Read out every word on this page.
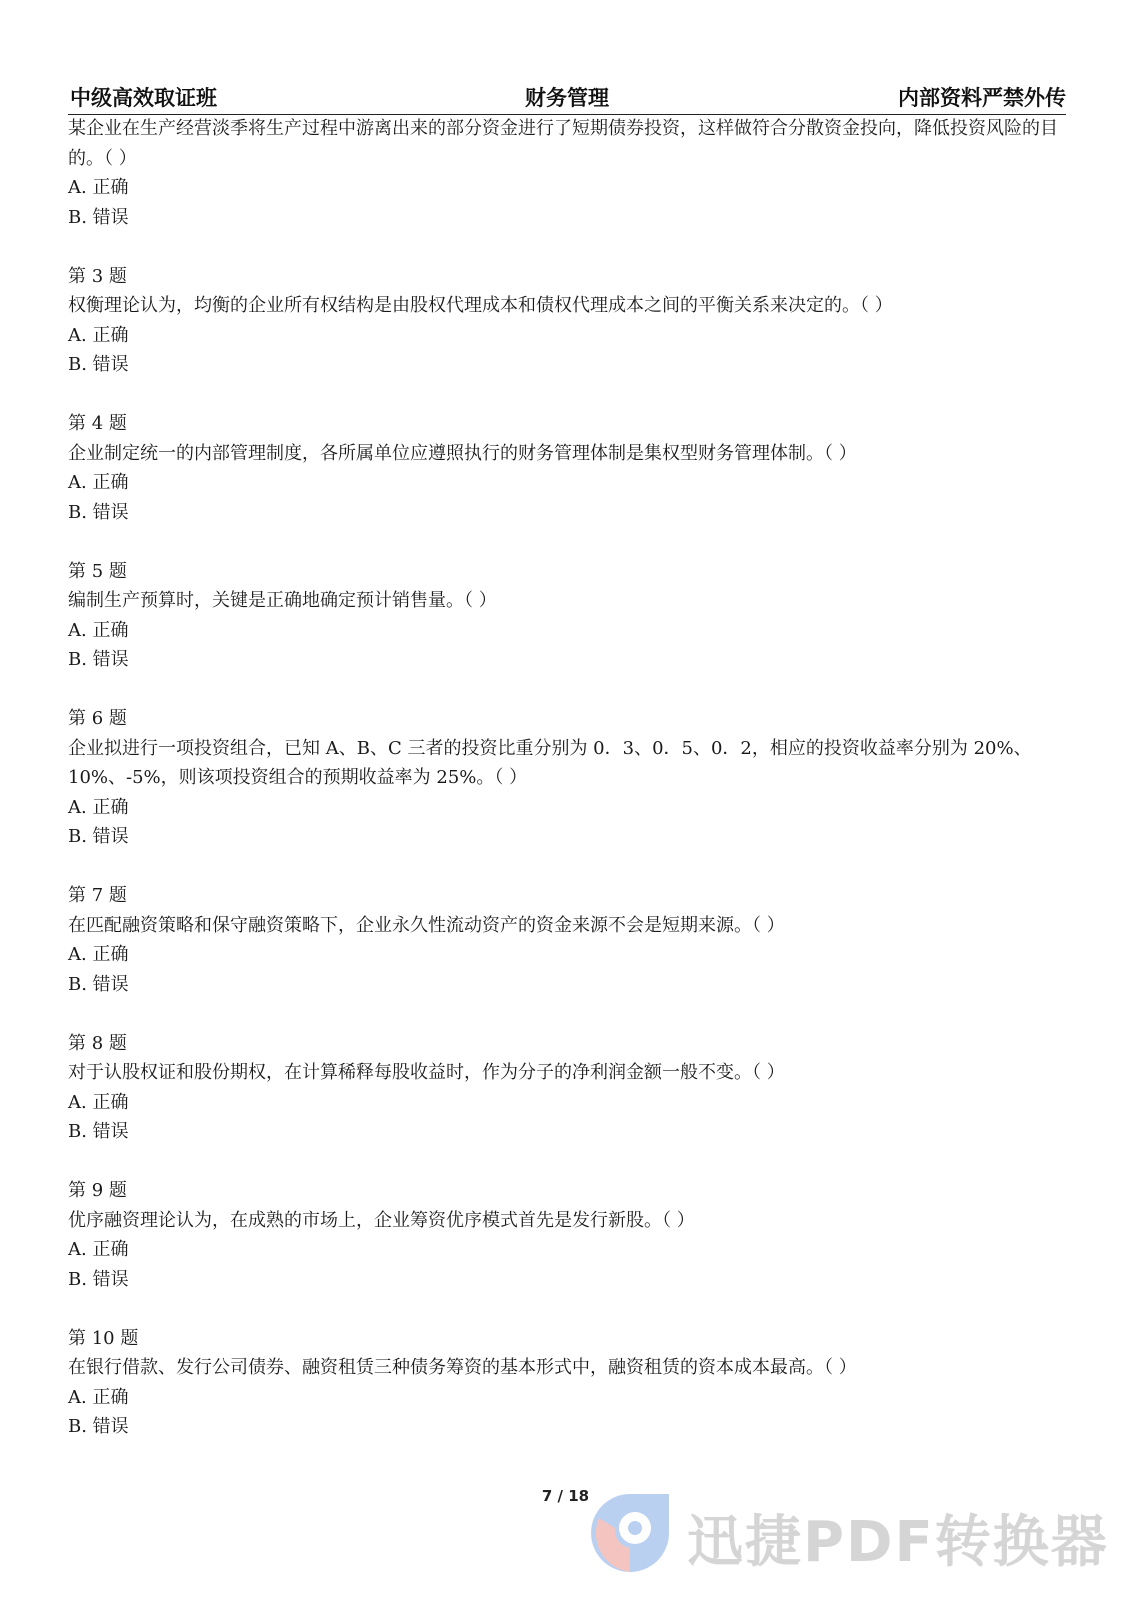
中级高效取证班	财务管理	内部资料严禁外传
某企业在生产经营淡季将生产过程中游离出来的部分资金进行了短期债券投资，这样做符合分散资金投向，降低投资风险的目的。（ ）
A. 正确
B. 错误
第 3 题
权衡理论认为，均衡的企业所有权结构是由股权代理成本和债权代理成本之间的平衡关系来决定的。（ ）
A. 正确
B. 错误
第 4 题
企业制定统一的内部管理制度，各所属单位应遵照执行的财务管理体制是集权型财务管理体制。（ ）
A. 正确
B. 错误
第 5 题
编制生产预算时，关键是正确地确定预计销售量。（ ）
A. 正确
B. 错误
第 6 题
企业拟进行一项投资组合，已知 A、B、C 三者的投资比重分别为 0．3、0．5、0．2，相应的投资收益率分别为 20%、10%、-5%，则该项投资组合的预期收益率为 25%。（ ）
A. 正确
B. 错误
第 7 题
在匹配融资策略和保守融资策略下，企业永久性流动资产的资金来源不会是短期来源。（ ）
A. 正确
B. 错误
第 8 题
对于认股权证和股份期权，在计算稀释每股收益时，作为分子的净利润金额一般不变。（ ）
A. 正确
B. 错误
第 9 题
优序融资理论认为，在成熟的市场上，企业筹资优序模式首先是发行新股。（ ）
A. 正确
B. 错误
第 10 题
在银行借款、发行公司债券、融资租赁三种债务筹资的基本形式中，融资租赁的资本成本最高。（ ）
A. 正确
B. 错误
7 / 18
迅捷PDF转换器
